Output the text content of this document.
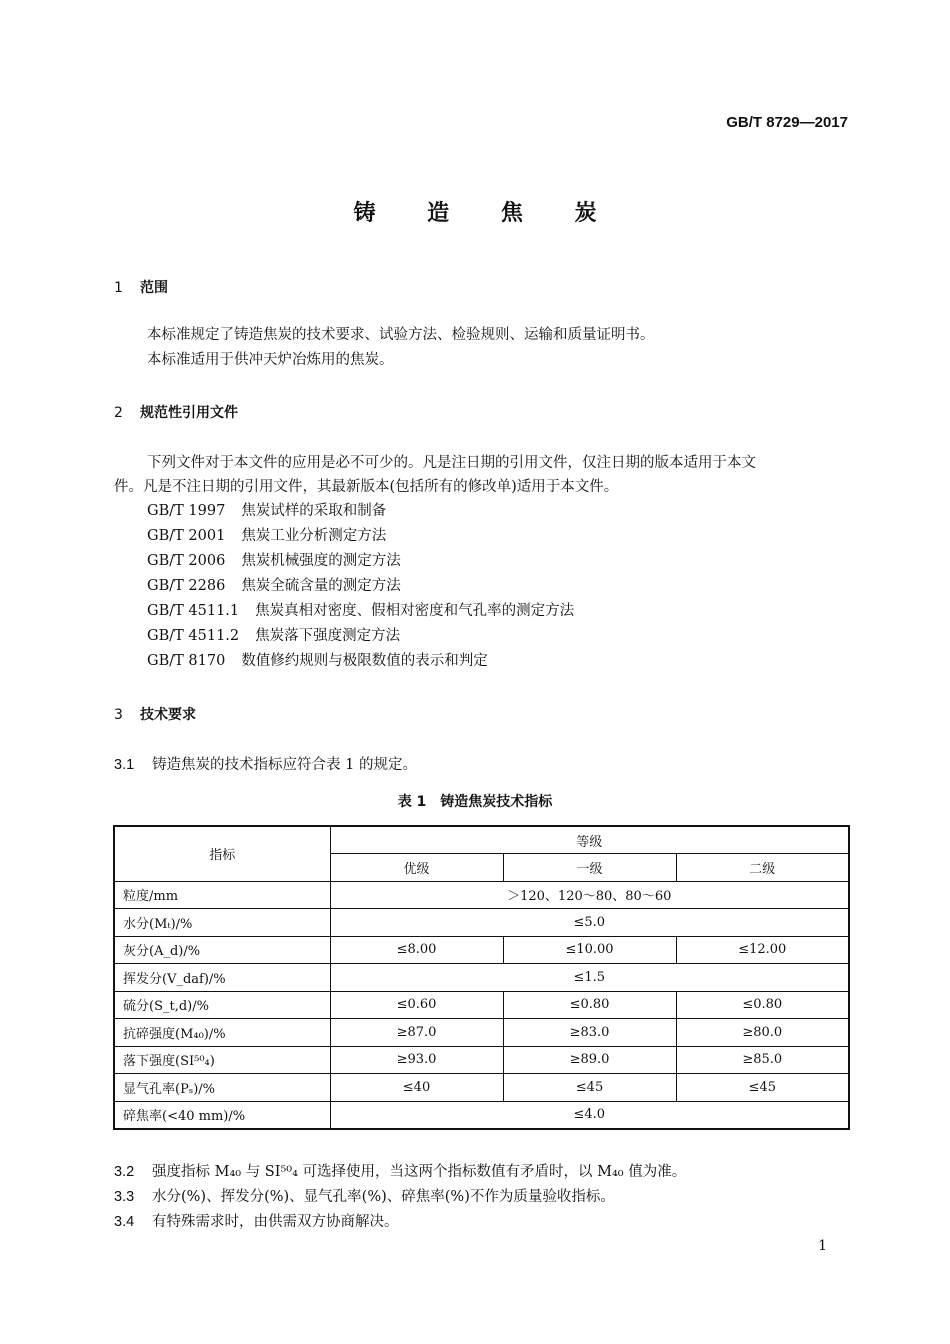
GB/T 8729—2017
铸 造 焦 炭
1 范围
本标准规定了铸造焦炭的技术要求、试验方法、检验规则、运输和质量证明书。
本标准适用于供冲天炉冶炼用的焦炭。
2 规范性引用文件
下列文件对于本文件的应用是必不可少的。凡是注日期的引用文件，仅注日期的版本适用于本文
件。凡是不注日期的引用文件，其最新版本(包括所有的修改单)适用于本文件。
GB/T 1997 焦炭试样的采取和制备
GB/T 2001 焦炭工业分析测定方法
GB/T 2006 焦炭机械强度的测定方法
GB/T 2286 焦炭全硫含量的测定方法
GB/T 4511.1 焦炭真相对密度、假相对密度和气孔率的测定方法
GB/T 4511.2 焦炭落下强度测定方法
GB/T 8170 数值修约规则与极限数值的表示和判定
3 技术要求
3.1 铸造焦炭的技术指标应符合表 1 的规定。
表 1　铸造焦炭技术指标
指标	等级		
	优级	一级	二级
粒度/mm	＞120、120～80、80～60		
水分(Mₜ)/%	≤5.0		
灰分(A_d)/%	≤8.00	≤10.00	≤12.00
挥发分(V_daf)/%	≤1.5		
硫分(S_t,d)/%	≤0.60	≤0.80	≤0.80
抗碎强度(M₄₀)/%	≥87.0	≥83.0	≥80.0
落下强度(SI⁵⁰₄)	≥93.0	≥89.0	≥85.0
显气孔率(Pₛ)/%	≤40	≤45	≤45
碎焦率(<40 mm)/%	≤4.0		
3.2 强度指标 M₄₀ 与 SI⁵⁰₄ 可选择使用，当这两个指标数值有矛盾时，以 M₄₀ 值为准。
3.3 水分(%)、挥发分(%)、显气孔率(%)、碎焦率(%)不作为质量验收指标。
3.4 有特殊需求时，由供需双方协商解决。
1
